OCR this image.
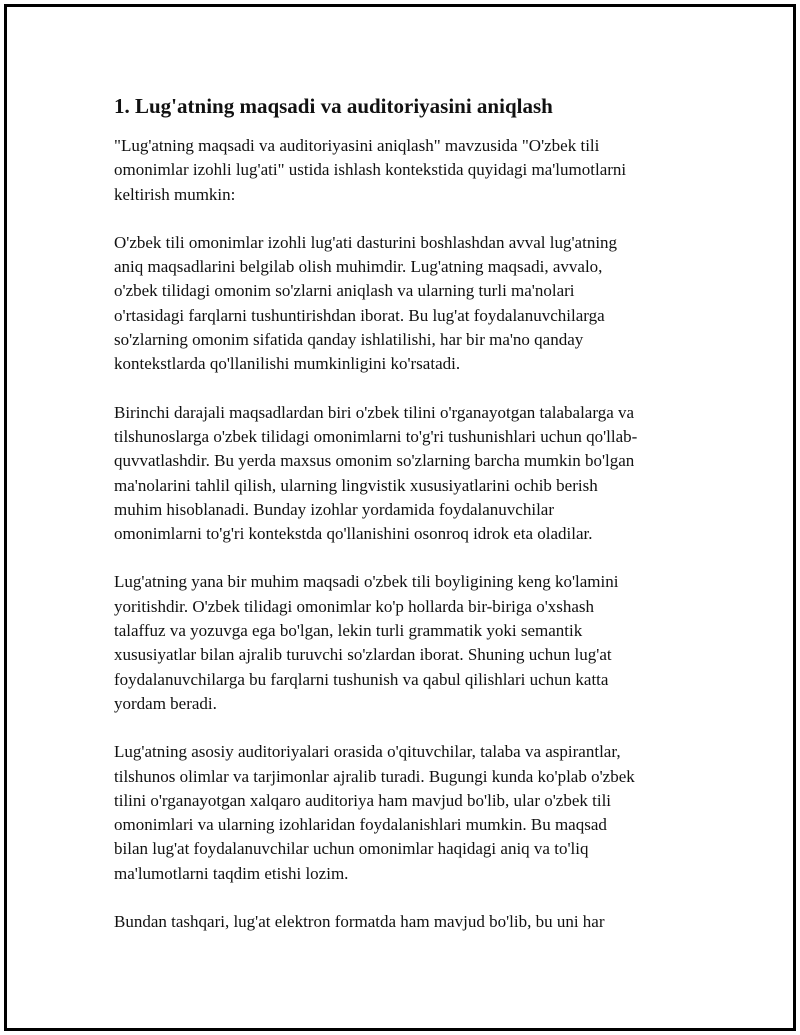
1. Lug'atning maqsadi va auditoriyasini aniqlash

"Lug'atning maqsadi va auditoriyasini aniqlash" mavzusida "O'zbek tili
omonimlar izohli lug'ati" ustida ishlash kontekstida quyidagi ma'lumotlarni
keltirish mumkin:

O'zbek tili omonimlar izohli lug'ati dasturini boshlashdan avval lug'atning
aniq maqsadlarini belgilab olish muhimdir. Lug'atning maqsadi, avvalo,
o'zbek tilidagi omonim so'zlarni aniqlash va ularning turli ma'nolari
o'rtasidagi farqlarni tushuntirishdan iborat. Bu lug'at foydalanuvchilarga
so'zlarning omonim sifatida qanday ishlatilishi, har bir ma'no qanday
kontekstlarda qo'llanilishi mumkinligini ko'rsatadi.

Birinchi darajali maqsadlardan biri o'zbek tilini o'rganayotgan talabalarga va
tilshunoslarga o'zbek tilidagi omonimlarni to'g'ri tushunishlari uchun qo'llab-
quvvatlashdir. Bu yerda maxsus omonim so'zlarning barcha mumkin bo'lgan
ma'nolarini tahlil qilish, ularning lingvistik xususiyatlarini ochib berish
muhim hisoblanadi. Bunday izohlar yordamida foydalanuvchilar
omonimlarni to'g'ri kontekstda qo'llanishini osonroq idrok eta oladilar.

Lug'atning yana bir muhim maqsadi o'zbek tili boyligining keng ko'lamini
yoritishdir. O'zbek tilidagi omonimlar ko'p hollarda bir-biriga o'xshash
talaffuz va yozuvga ega bo'lgan, lekin turli grammatik yoki semantik
xususiyatlar bilan ajralib turuvchi so'zlardan iborat. Shuning uchun lug'at
foydalanuvchilarga bu farqlarni tushunish va qabul qilishlari uchun katta
yordam beradi.

Lug'atning asosiy auditoriyalari orasida o'qituvchilar, talaba va aspirantlar,
tilshunos olimlar va tarjimonlar ajralib turadi. Bugungi kunda ko'plab o'zbek
tilini o'rganayotgan xalqaro auditoriya ham mavjud bo'lib, ular o'zbek tili
omonimlari va ularning izohlaridan foydalanishlari mumkin. Bu maqsad
bilan lug'at foydalanuvchilar uchun omonimlar haqidagi aniq va to'liq
ma'lumotlarni taqdim etishi lozim.

Bundan tashqari, lug'at elektron formatda ham mavjud bo'lib, bu uni har
